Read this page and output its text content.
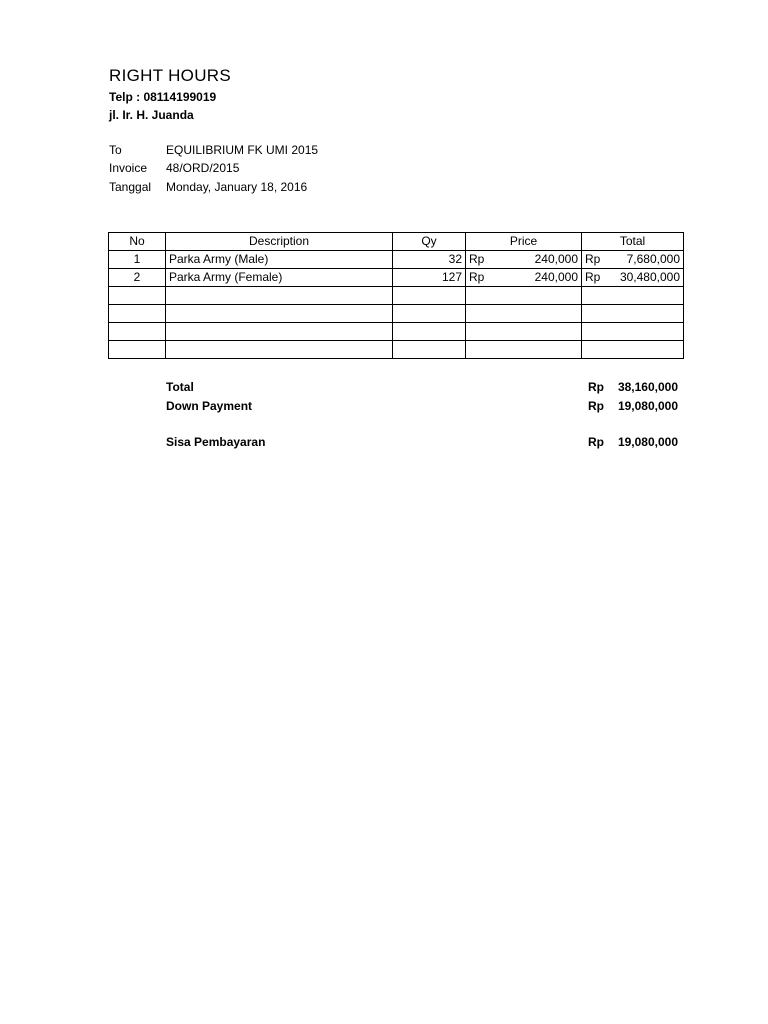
RIGHT HOURS
Telp : 08114199019
jl. Ir. H. Juanda
To	EQUILIBRIUM FK UMI 2015
Invoice 48/ORD/2015
Tanggal Monday, January 18, 2016
No	Description	Qy	Price	Total
1	Parka Army (Male)	32	Rp 240,000	Rp 7,680,000

2	Parka Army (Female)	127	Rp 240,000	Rp 30,480,000

Total	Rp	38,160,000
Down Payment	Rp	19,080,000
Sisa Pembayaran	Rp	19,080,000
